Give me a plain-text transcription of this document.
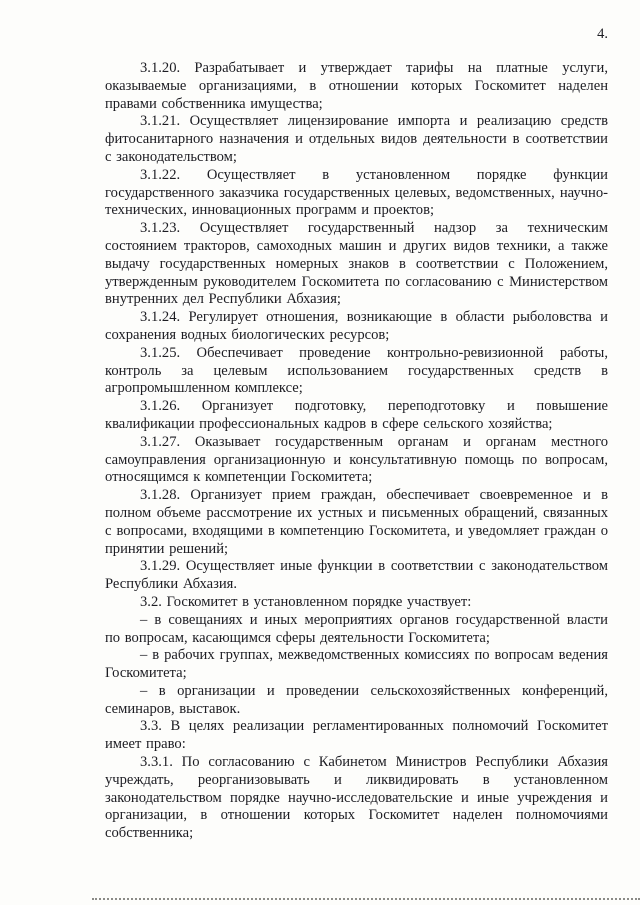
4.

3.1.20. Разрабатывает и утверждает тарифы на платные услуги, оказываемые организациями, в отношении которых Госкомитет наделен правами собственника имущества;

3.1.21. Осуществляет лицензирование импорта и реализацию средств фитосанитарного назначения и отдельных видов деятельности в соответствии с законодательством;

3.1.22. Осуществляет в установленном порядке функции государственного заказчика государственных целевых, ведомственных, научно-технических, инновационных программ и проектов;

3.1.23. Осуществляет государственный надзор за техническим состоянием тракторов, самоходных машин и других видов техники, а также выдачу государственных номерных знаков в соответствии с Положением, утвержденным руководителем Госкомитета по согласованию с Министерством внутренних дел Республики Абхазия;

3.1.24. Регулирует отношения, возникающие в области рыболовства и сохранения водных биологических ресурсов;

3.1.25. Обеспечивает проведение контрольно-ревизионной работы, контроль за целевым использованием государственных средств в агропромышленном комплексе;

3.1.26. Организует подготовку, переподготовку и повышение квалификации профессиональных кадров в сфере сельского хозяйства;

3.1.27. Оказывает государственным органам и органам местного самоуправления организационную и консультативную помощь по вопросам, относящимся к компетенции Госкомитета;

3.1.28. Организует прием граждан, обеспечивает своевременное и в полном объеме рассмотрение их устных и письменных обращений, связанных с вопросами, входящими в компетенцию Госкомитета, и уведомляет граждан о принятии решений;

3.1.29. Осуществляет иные функции в соответствии с законодательством Республики Абхазия.

3.2. Госкомитет в установленном порядке участвует:

– в совещаниях и иных мероприятиях органов государственной власти по вопросам, касающимся сферы деятельности Госкомитета;

– в рабочих группах, межведомственных комиссиях по вопросам ведения Госкомитета;

– в организации и проведении сельскохозяйственных конференций, семинаров, выставок.

3.3. В целях реализации регламентированных полномочий Госкомитет имеет право:

3.3.1. По согласованию с Кабинетом Министров Республики Абхазия учреждать, реорганизовывать и ликвидировать в установленном законодательством порядке научно-исследовательские и иные учреждения и организации, в отношении которых Госкомитет наделен полномочиями собственника;
